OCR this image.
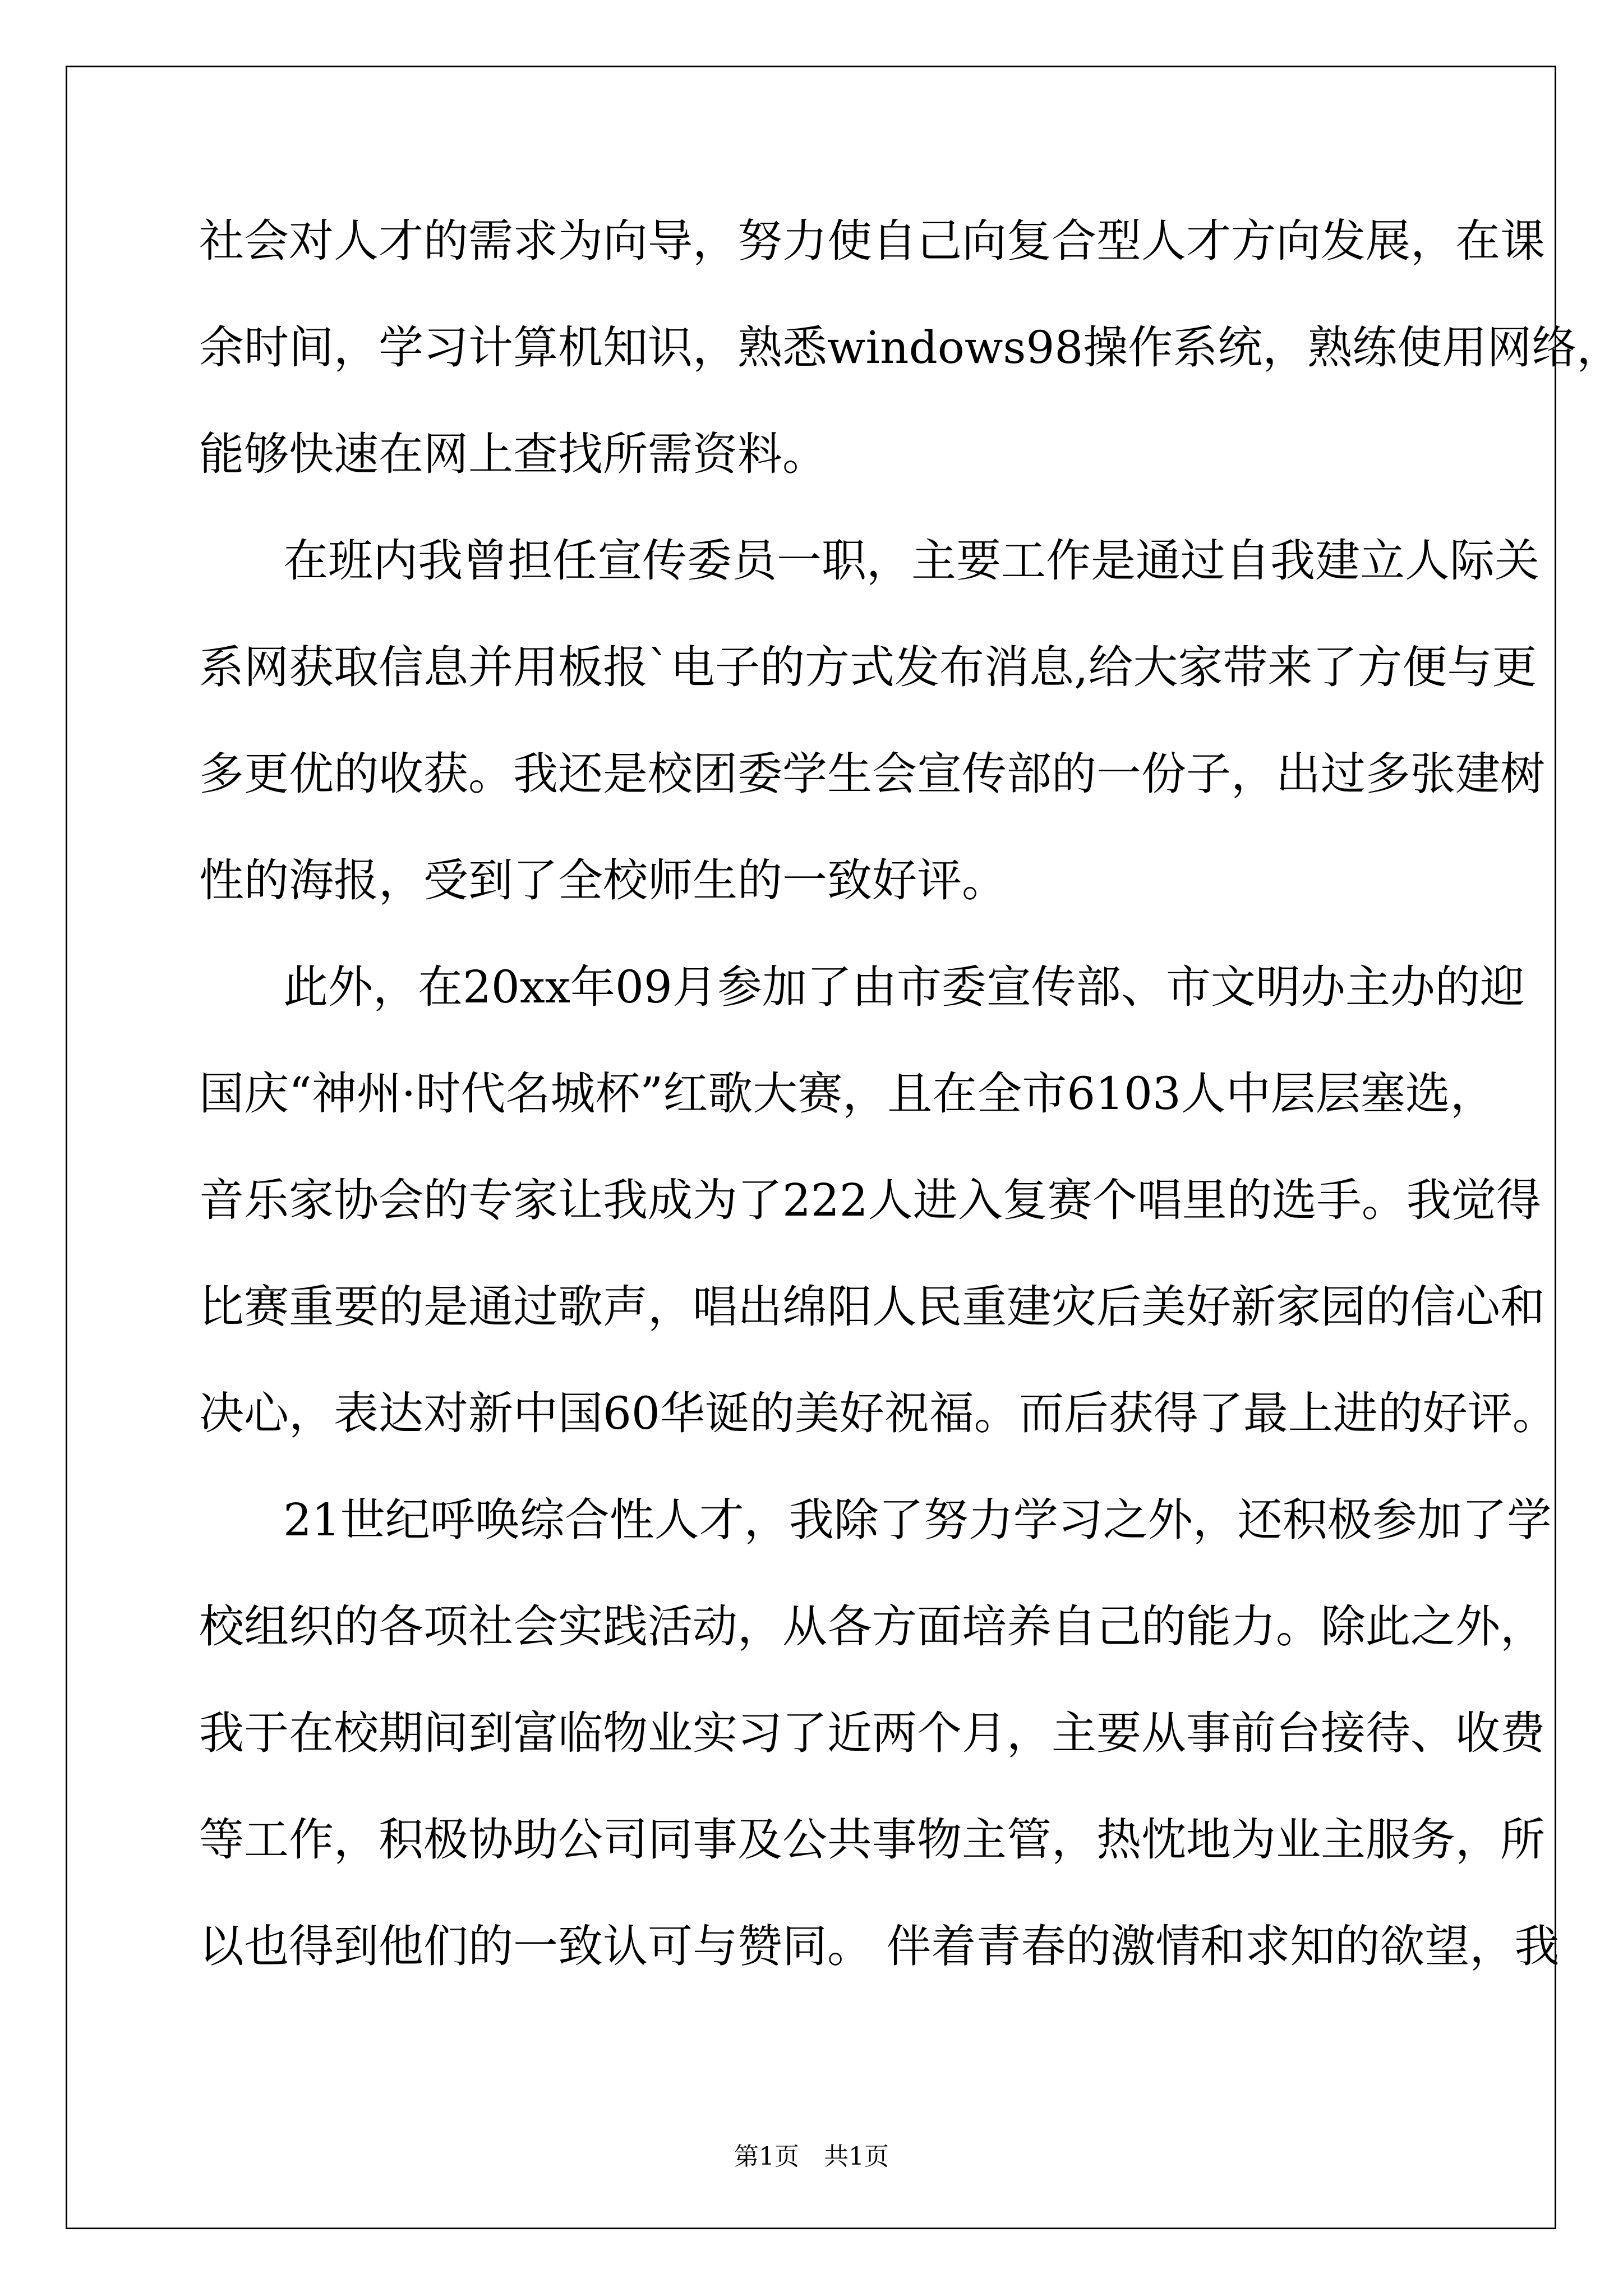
社会对人才的需求为向导，努力使自己向复合型人才方向发展，在课
余时间，学习计算机知识，熟悉windows98操作系统，熟练使用网络，
能够快速在网上查找所需资料。
在班内我曾担任宣传委员一职，主要工作是通过自我建立人际关
系网获取信息并用板报`电子的方式发布消息,给大家带来了方便与更
多更优的收获。我还是校团委学生会宣传部的一份子，出过多张建树
性的海报，受到了全校师生的一致好评。
此外，在20xx年09月参加了由市委宣传部、市文明办主办的迎
国庆“神州·时代名城杯”红歌大赛，且在全市6103人中层层塞选，
音乐家协会的专家让我成为了222人进入复赛个唱里的选手。我觉得
比赛重要的是通过歌声，唱出绵阳人民重建灾后美好新家园的信心和
决心，表达对新中国60华诞的美好祝福。而后获得了最上进的好评。
21世纪呼唤综合性人才，我除了努力学习之外，还积极参加了学
校组织的各项社会实践活动，从各方面培养自己的能力。除此之外，
我于在校期间到富临物业实习了近两个月，主要从事前台接待、收费
等工作，积极协助公司同事及公共事物主管，热忱地为业主服务，所
以也得到他们的一致认可与赞同。 伴着青春的激情和求知的欲望，我
第1页　共1页
